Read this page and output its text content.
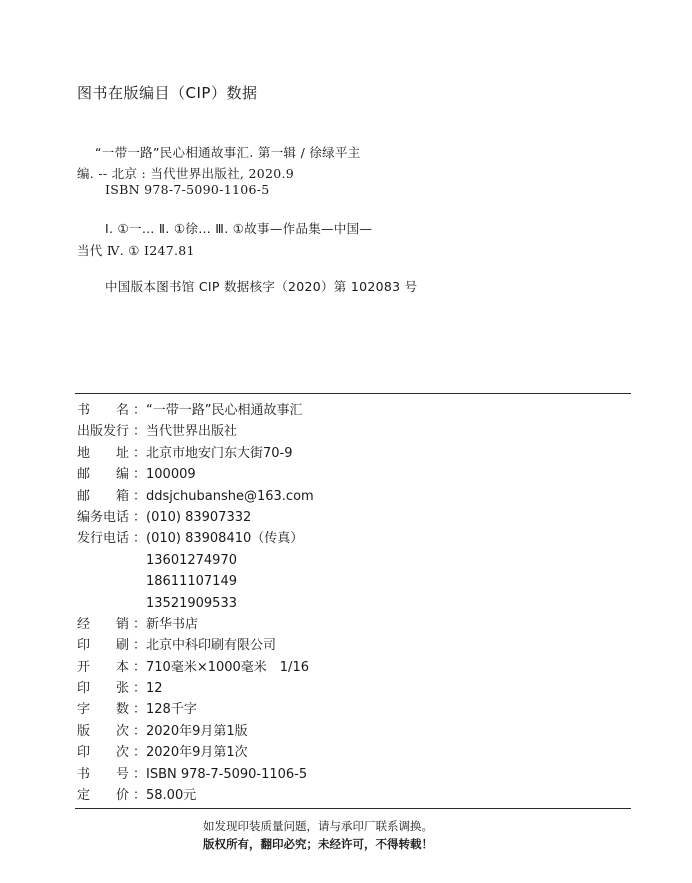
图书在版编目（CIP）数据
“一带一路”民心相通故事汇. 第一辑 / 徐绿平主
编. -- 北京 : 当代世界出版社, 2020.9
ISBN 978-7-5090-1106-5
Ⅰ. ①一… Ⅱ. ①徐… Ⅲ. ①故事—作品集—中国—
当代 Ⅳ. ① I247.81
中国版本图书馆 CIP 数据核字（2020）第 102083 号
书　　名 ： “一带一路”民心相通故事汇
出版发行 ： 当代世界出版社
地　　址 ： 北京市地安门东大街70-9
邮　　编 ： 100009
邮　　箱 ： ddsjchubanshe@163.com
编务电话 ： (010) 83907332
发行电话 ： (010) 83908410（传真）
13601274970
18611107149
13521909533
经　　销 ： 新华书店
印　　刷 ： 北京中科印刷有限公司
开　　本 ： 710毫米×1000毫米　1/16
印　　张 ： 12
字　　数 ： 128千字
版　　次 ： 2020年9月第1版
印　　次 ： 2020年9月第1次
书　　号 ： ISBN 978-7-5090-1106-5
定　　价 ： 58.00元
如发现印装质量问题，请与承印厂联系调换。
版权所有，翻印必究；未经许可，不得转载！
